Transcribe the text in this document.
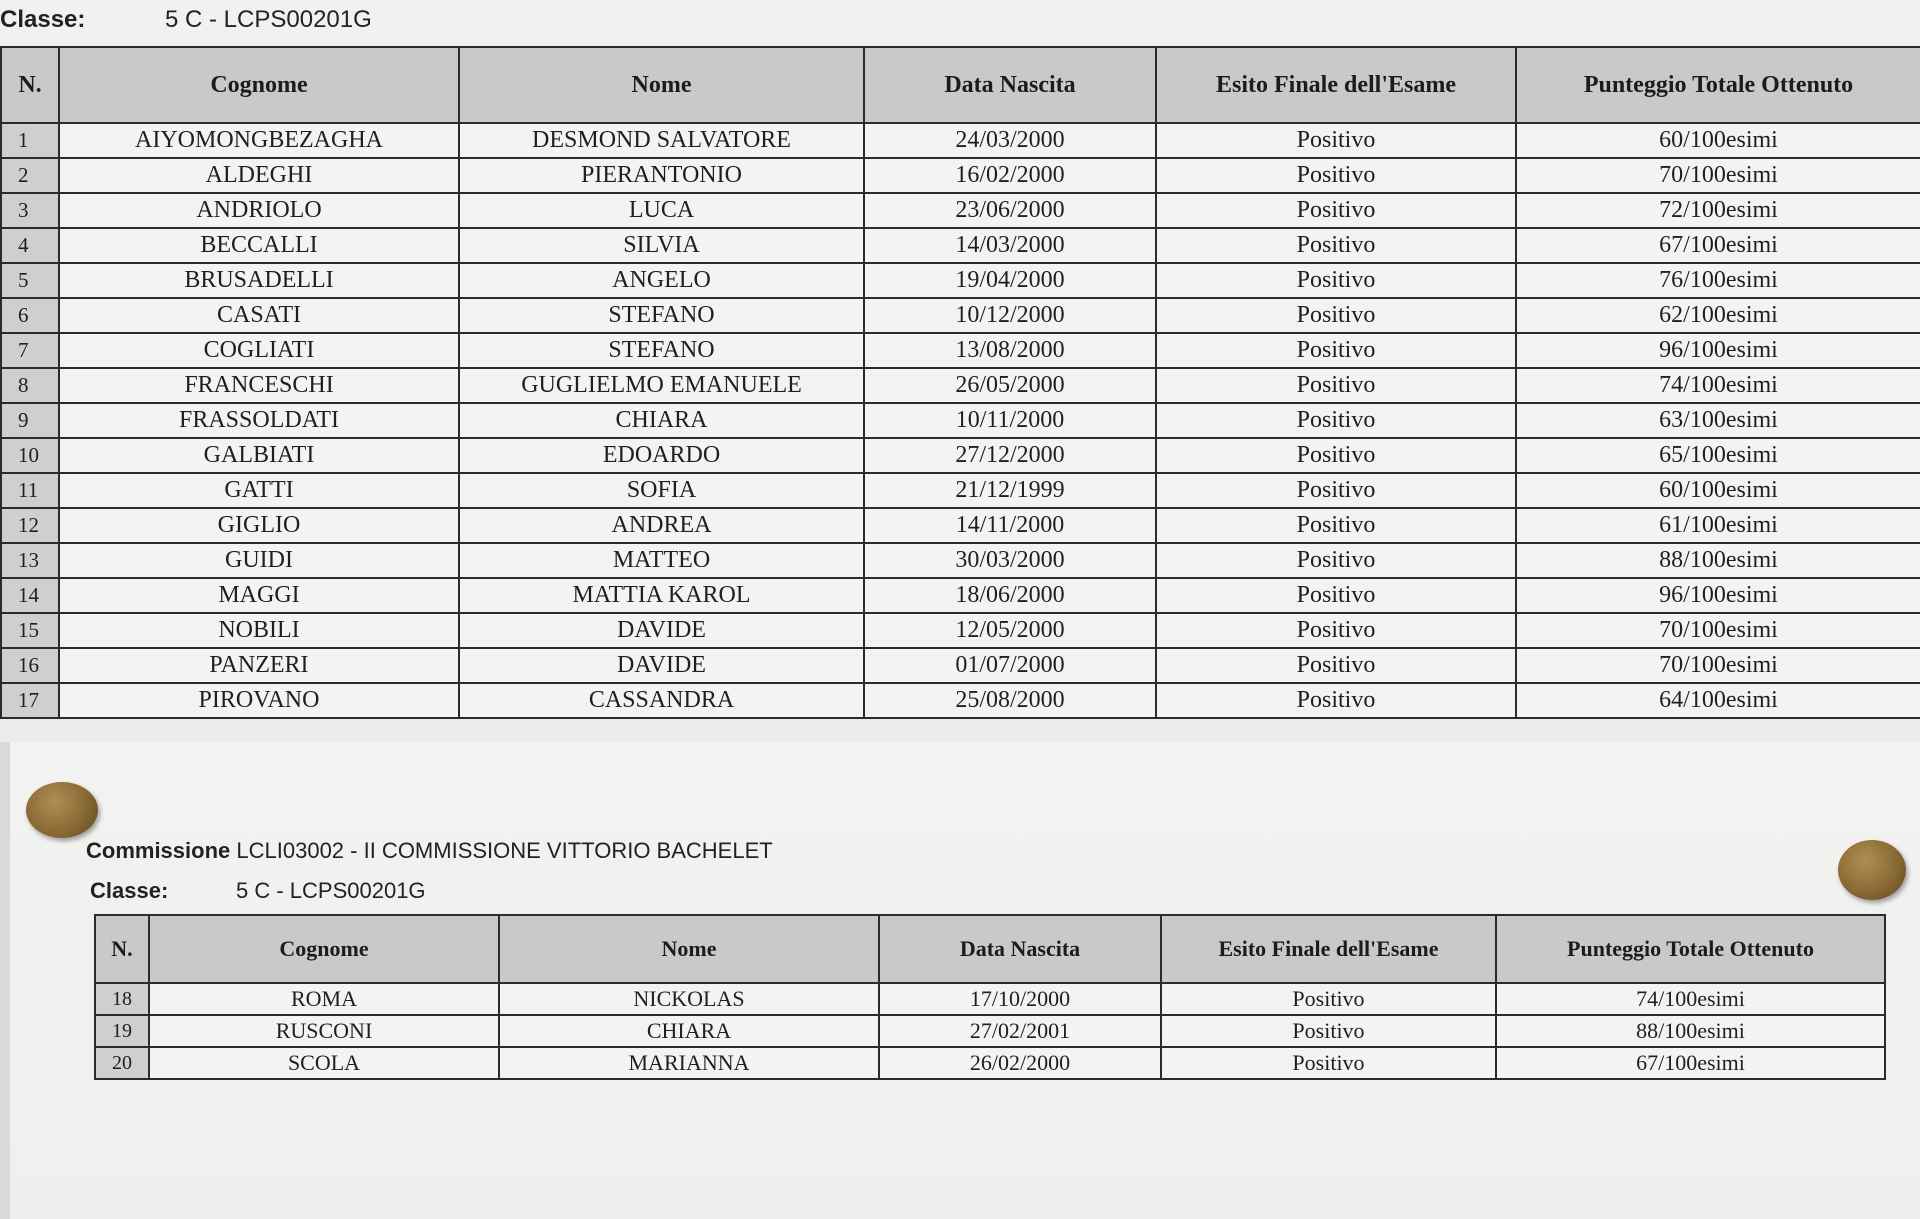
Classe:	5 C - LCPS00201G
N.	Cognome	Nome	Data Nascita	Esito Finale dell'Esame	Punteggio Totale Ottenuto
1	AIYOMONGBEZAGHA	DESMOND SALVATORE	24/03/2000	Positivo	60/100esimi
2	ALDEGHI	PIERANTONIO	16/02/2000	Positivo	70/100esimi
3	ANDRIOLO	LUCA	23/06/2000	Positivo	72/100esimi
4	BECCALLI	SILVIA	14/03/2000	Positivo	67/100esimi
5	BRUSADELLI	ANGELO	19/04/2000	Positivo	76/100esimi
6	CASATI	STEFANO	10/12/2000	Positivo	62/100esimi
7	COGLIATI	STEFANO	13/08/2000	Positivo	96/100esimi
8	FRANCESCHI	GUGLIELMO EMANUELE	26/05/2000	Positivo	74/100esimi
9	FRASSOLDATI	CHIARA	10/11/2000	Positivo	63/100esimi
10	GALBIATI	EDOARDO	27/12/2000	Positivo	65/100esimi
11	GATTI	SOFIA	21/12/1999	Positivo	60/100esimi
12	GIGLIO	ANDREA	14/11/2000	Positivo	61/100esimi
13	GUIDI	MATTEO	30/03/2000	Positivo	88/100esimi
14	MAGGI	MATTIA KAROL	18/06/2000	Positivo	96/100esimi
15	NOBILI	DAVIDE	12/05/2000	Positivo	70/100esimi
16	PANZERI	DAVIDE	01/07/2000	Positivo	70/100esimi
17	PIROVANO	CASSANDRA	25/08/2000	Positivo	64/100esimi
Commissione LCLI03002 - II COMMISSIONE VITTORIO BACHELET
Classe:	5 C - LCPS00201G
N.	Cognome	Nome	Data Nascita	Esito Finale dell'Esame	Punteggio Totale Ottenuto
18	ROMA	NICKOLAS	17/10/2000	Positivo	74/100esimi
19	RUSCONI	CHIARA	27/02/2001	Positivo	88/100esimi
20	SCOLA	MARIANNA	26/02/2000	Positivo	67/100esimi
